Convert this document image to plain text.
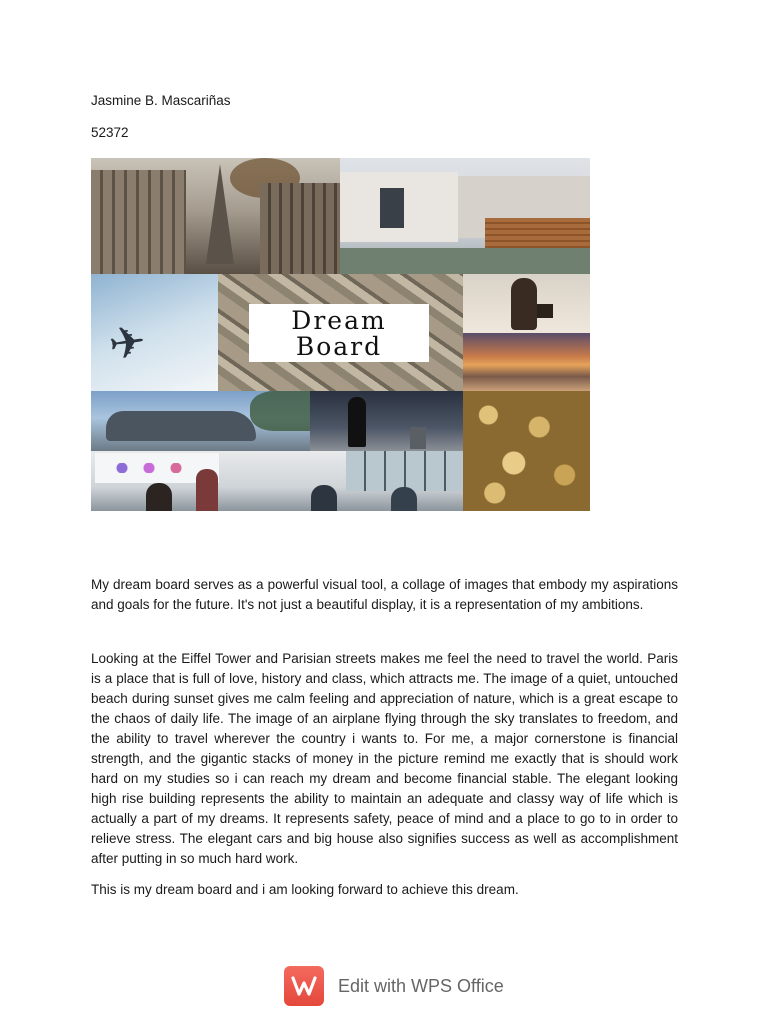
Jasmine B. Mascariñas

52372

✈	Dream
Board

My dream board serves as a powerful visual tool, a collage of images that embody my aspirations and goals for the future. It's not just a beautiful display, it is a representation of my ambitions.

Looking at the Eiffel Tower and Parisian streets makes me feel the need to travel the world. Paris is a place that is full of love, history and class, which attracts me. The image of a quiet, untouched beach during sunset gives me calm feeling and appreciation of nature, which is a great escape to the chaos of daily life. The image of an airplane flying through the sky translates to freedom, and the ability to travel wherever the country i wants to. For me, a major cornerstone is financial strength, and the gigantic stacks of money in the picture remind me exactly that is should work hard on my studies so i can reach my dream and become financial stable. The elegant looking high rise building represents the ability to maintain an adequate and classy way of life which is actually a part of my dreams. It represents safety, peace of mind and a place to go to in order to relieve stress. The elegant cars and big house also signifies success as well as accomplishment after putting in so much hard work.

This is my dream board and i am looking forward to achieve this dream.

Edit with WPS Office
